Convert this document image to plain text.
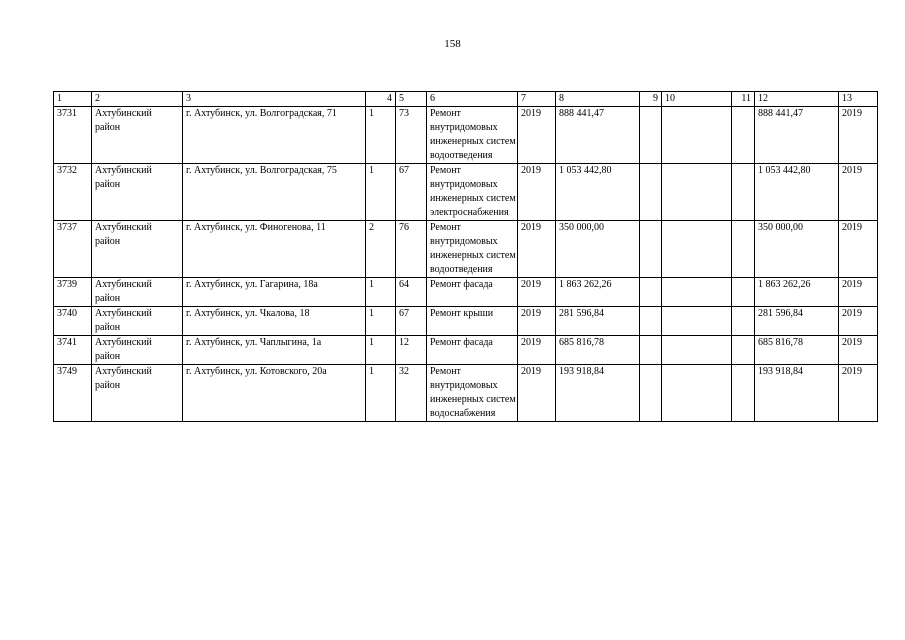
158
1	2	3	4	5	6	7	8	9	10	11	12	13
3731	Ахтубинский район	г. Ахтубинск, ул. Волгоградская, 71	1	73	Ремонт внутридомовых инженерных систем водоотведения	2019	888 441,47				888 441,47	2019
3732	Ахтубинский район	г. Ахтубинск, ул. Волгоградская, 75	1	67	Ремонт внутридомовых инженерных систем электроснабжения	2019	1 053 442,80				1 053 442,80	2019
3737	Ахтубинский район	г. Ахтубинск, ул. Финогенова, 11	2	76	Ремонт внутридомовых инженерных систем водоотведения	2019	350 000,00				350 000,00	2019
3739	Ахтубинский район	г. Ахтубинск, ул. Гагарина, 18а	1	64	Ремонт фасада	2019	1 863 262,26				1 863 262,26	2019
3740	Ахтубинский район	г. Ахтубинск, ул. Чкалова, 18	1	67	Ремонт крыши	2019	281 596,84				281 596,84	2019
3741	Ахтубинский район	г. Ахтубинск, ул. Чаплыгина, 1а	1	12	Ремонт фасада	2019	685 816,78				685 816,78	2019
3749	Ахтубинский район	г. Ахтубинск, ул. Котовского, 20а	1	32	Ремонт внутридомовых инженерных систем водоснабжения	2019	193 918,84				193 918,84	2019
